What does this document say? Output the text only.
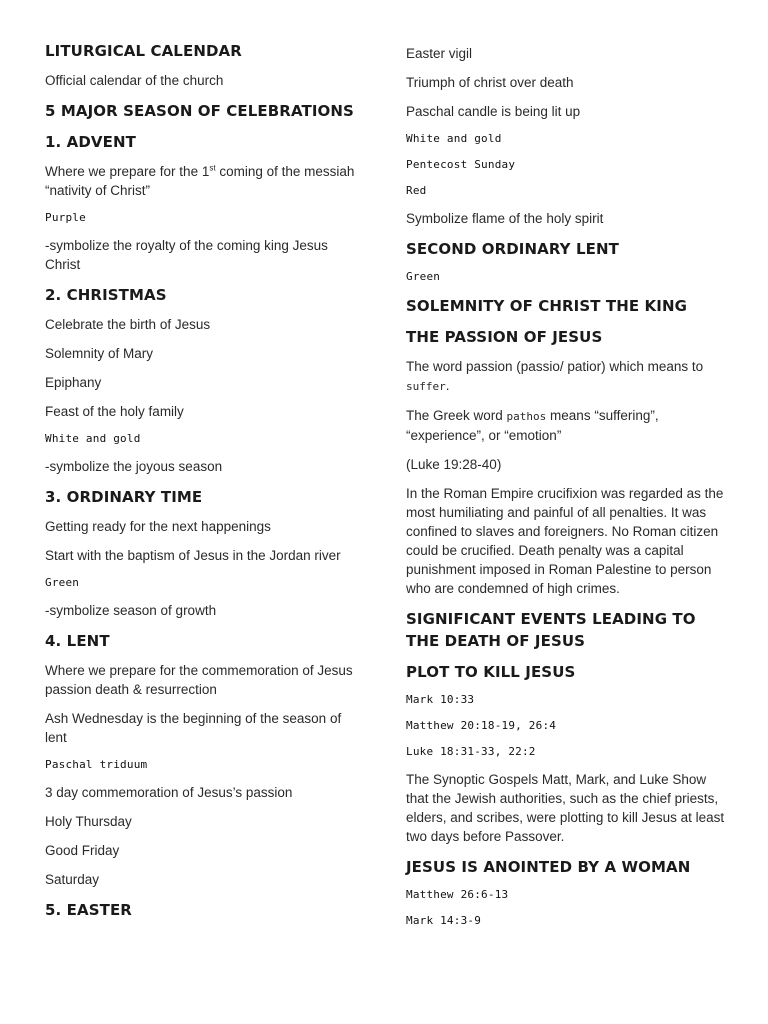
LITURGICAL CALENDAR
Official calendar of the church
5 MAJOR SEASON OF CELEBRATIONS
1. ADVENT
Where we prepare for the 1st coming of the messiah “nativity of Christ”
Purple
-symbolize the royalty of the coming king Jesus Christ
2. CHRISTMAS
Celebrate the birth of Jesus
Solemnity of Mary
Epiphany
Feast of the holy family
White and gold
-symbolize the joyous season
3. ORDINARY TIME
Getting ready for the next happenings
Start with the baptism of Jesus in the Jordan river
Green
-symbolize season of growth
4. LENT
Where we prepare for the commemoration of Jesus passion death & resurrection
Ash Wednesday is the beginning of the season of lent
Paschal triduum
3 day commemoration of Jesus’s passion
Holy Thursday
Good Friday
Saturday
5. EASTER
Easter vigil
Triumph of christ over death
Paschal candle is being lit up
White and gold
Pentecost Sunday
Red
Symbolize flame of the holy spirit
SECOND ORDINARY LENT
Green
SOLEMNITY OF CHRIST THE KING
THE PASSION OF JESUS
The word passion (passio/ patior) which means to suffer.
The Greek word pathos means “suffering”, “experience”, or “emotion”
(Luke 19:28-40)
In the Roman Empire crucifixion was regarded as the most humiliating and painful of all penalties. It was confined to slaves and foreigners. No Roman citizen could be crucified. Death penalty was a capital punishment imposed in Roman Palestine to person who are condemned of high crimes.
SIGNIFICANT EVENTS LEADING TO THE DEATH OF JESUS
PLOT TO KILL JESUS
Mark 10:33
Matthew 20:18-19, 26:4
Luke 18:31-33, 22:2
The Synoptic Gospels Matt, Mark, and Luke Show that the Jewish authorities, such as the chief priests, elders, and scribes, were plotting to kill Jesus at least two days before Passover.
JESUS IS ANOINTED BY A WOMAN
Matthew 26:6-13
Mark 14:3-9
